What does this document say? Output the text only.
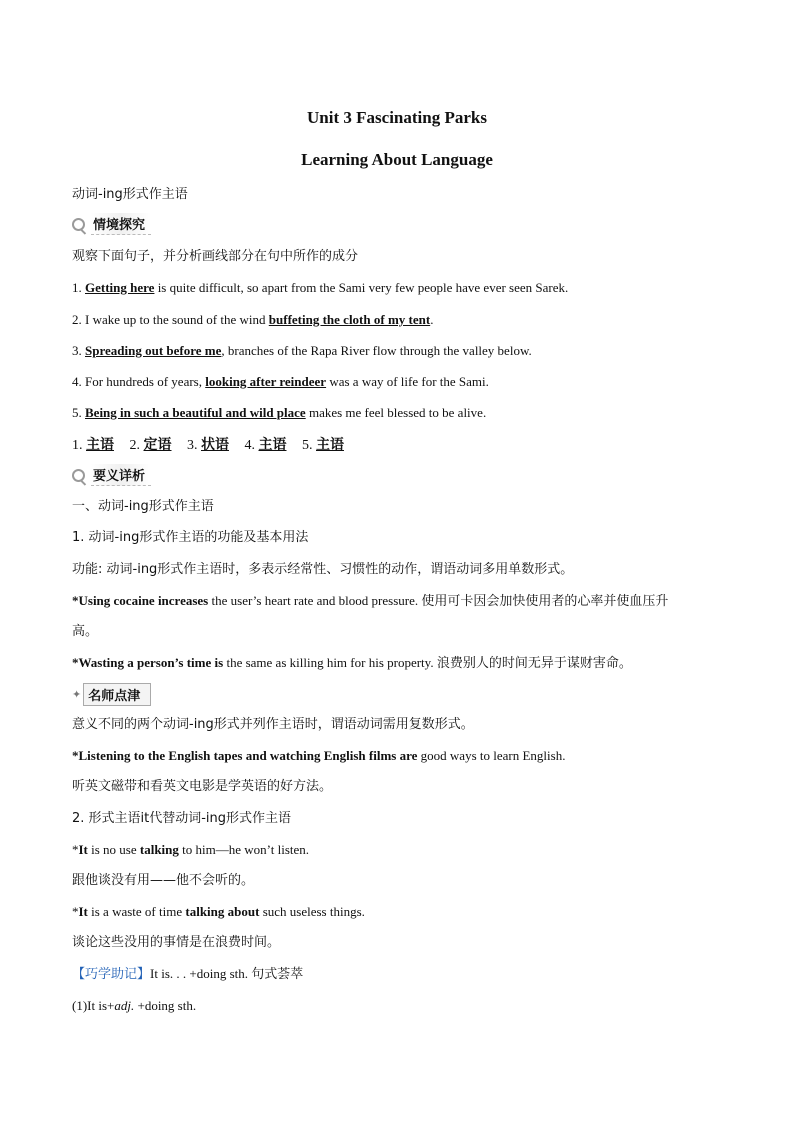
Unit 3 Fascinating Parks
Learning About Language
动词-ing形式作主语
情境探究
观察下面句子，并分析画线部分在句中所作的成分
1. Getting here is quite difficult, so apart from the Sami very few people have ever seen Sarek.
2. I wake up to the sound of the wind buffeting the cloth of my tent.
3. Spreading out before me, branches of the Rapa River flow through the valley below.
4. For hundreds of years, looking after reindeer was a way of life for the Sami.
5. Being in such a beautiful and wild place makes me feel blessed to be alive.
1. 主语 2. 定语 3. 状语 4. 主语 5. 主语
要义详析
一、动词-ing形式作主语
1. 动词-ing形式作主语的功能及基本用法
功能: 动词-ing形式作主语时，多表示经常性、习惯性的动作，谓语动词多用单数形式。
*Using cocaine increases the user’s heart rate and blood pressure. 使用可卡因会加快使用者的心率并使血压升
高。
*Wasting a person’s time is the same as killing him for his property. 浪费别人的时间无异于谋财害命。
✦ 名师点津
意义不同的两个动词-ing形式并列作主语时，谓语动词需用复数形式。
*Listening to the English tapes and watching English films are good ways to learn English.
听英文磁带和看英文电影是学英语的好方法。
2. 形式主语it代替动词-ing形式作主语
*It is no use talking to him—he won’t listen.
跟他谈没有用——他不会听的。
*It is a waste of time talking about such useless things.
谈论这些没用的事情是在浪费时间。
【巧学助记】It is. . . +doing sth. 句式荟萃
(1)It is+adj. +doing sth.
